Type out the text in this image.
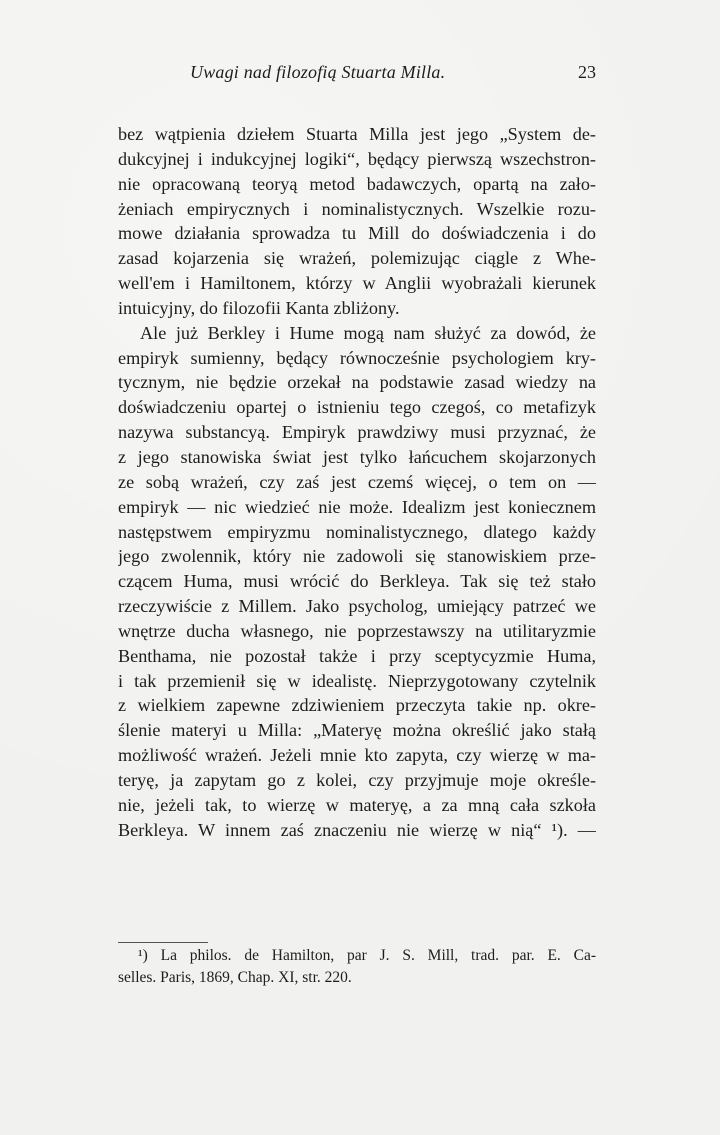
Uwagi nad filozofią Stuarta Milla.	23
bez wątpienia dziełem Stuarta Milla jest jego „System de-
dukcyjnej i indukcyjnej logiki“, będący pierwszą wszechstron-
nie opracowaną teoryą metod badawczych, opartą na zało-
żeniach empirycznych i nominalistycznych. Wszelkie rozu-
mowe działania sprowadza tu Mill do doświadczenia i do
zasad kojarzenia się wrażeń, polemizując ciągle z Whe-
well'em i Hamiltonem, którzy w Anglii wyobrażali kierunek
intuicyjny, do filozofii Kanta zbliżony.
Ale już Berkley i Hume mogą nam służyć za dowód, że
empiryk sumienny, będący równocześnie psychologiem kry-
tycznym, nie będzie orzekał na podstawie zasad wiedzy na
doświadczeniu opartej o istnieniu tego czegoś, co metafizyk
nazywa substancyą. Empiryk prawdziwy musi przyznać, że
z jego stanowiska świat jest tylko łańcuchem skojarzonych
ze sobą wrażeń, czy zaś jest czemś więcej, o tem on —
empiryk — nic wiedzieć nie może. Idealizm jest koniecznem
następstwem empiryzmu nominalistycznego, dlatego każdy
jego zwolennik, który nie zadowoli się stanowiskiem prze-
czącem Huma, musi wrócić do Berkleya. Tak się też stało
rzeczywiście z Millem. Jako psycholog, umiejący patrzeć we
wnętrze ducha własnego, nie poprzestawszy na utilitaryzmie
Benthama, nie pozostał także i przy sceptycyzmie Huma,
i tak przemienił się w idealistę. Nieprzygotowany czytelnik
z wielkiem zapewne zdziwieniem przeczyta takie np. okre-
ślenie materyi u Milla: „Materyę można określić jako stałą
możliwość wrażeń. Jeżeli mnie kto zapyta, czy wierzę w ma-
teryę, ja zapytam go z kolei, czy przyjmuje moje określe-
nie, jeżeli tak, to wierzę w materyę, a za mną cała szkoła
Berkleya. W innem zaś znaczeniu nie wierzę w nią“ ¹). —
¹) La philos. de Hamilton, par J. S. Mill, trad. par. E. Ca-
selles. Paris, 1869, Chap. XI, str. 220.
